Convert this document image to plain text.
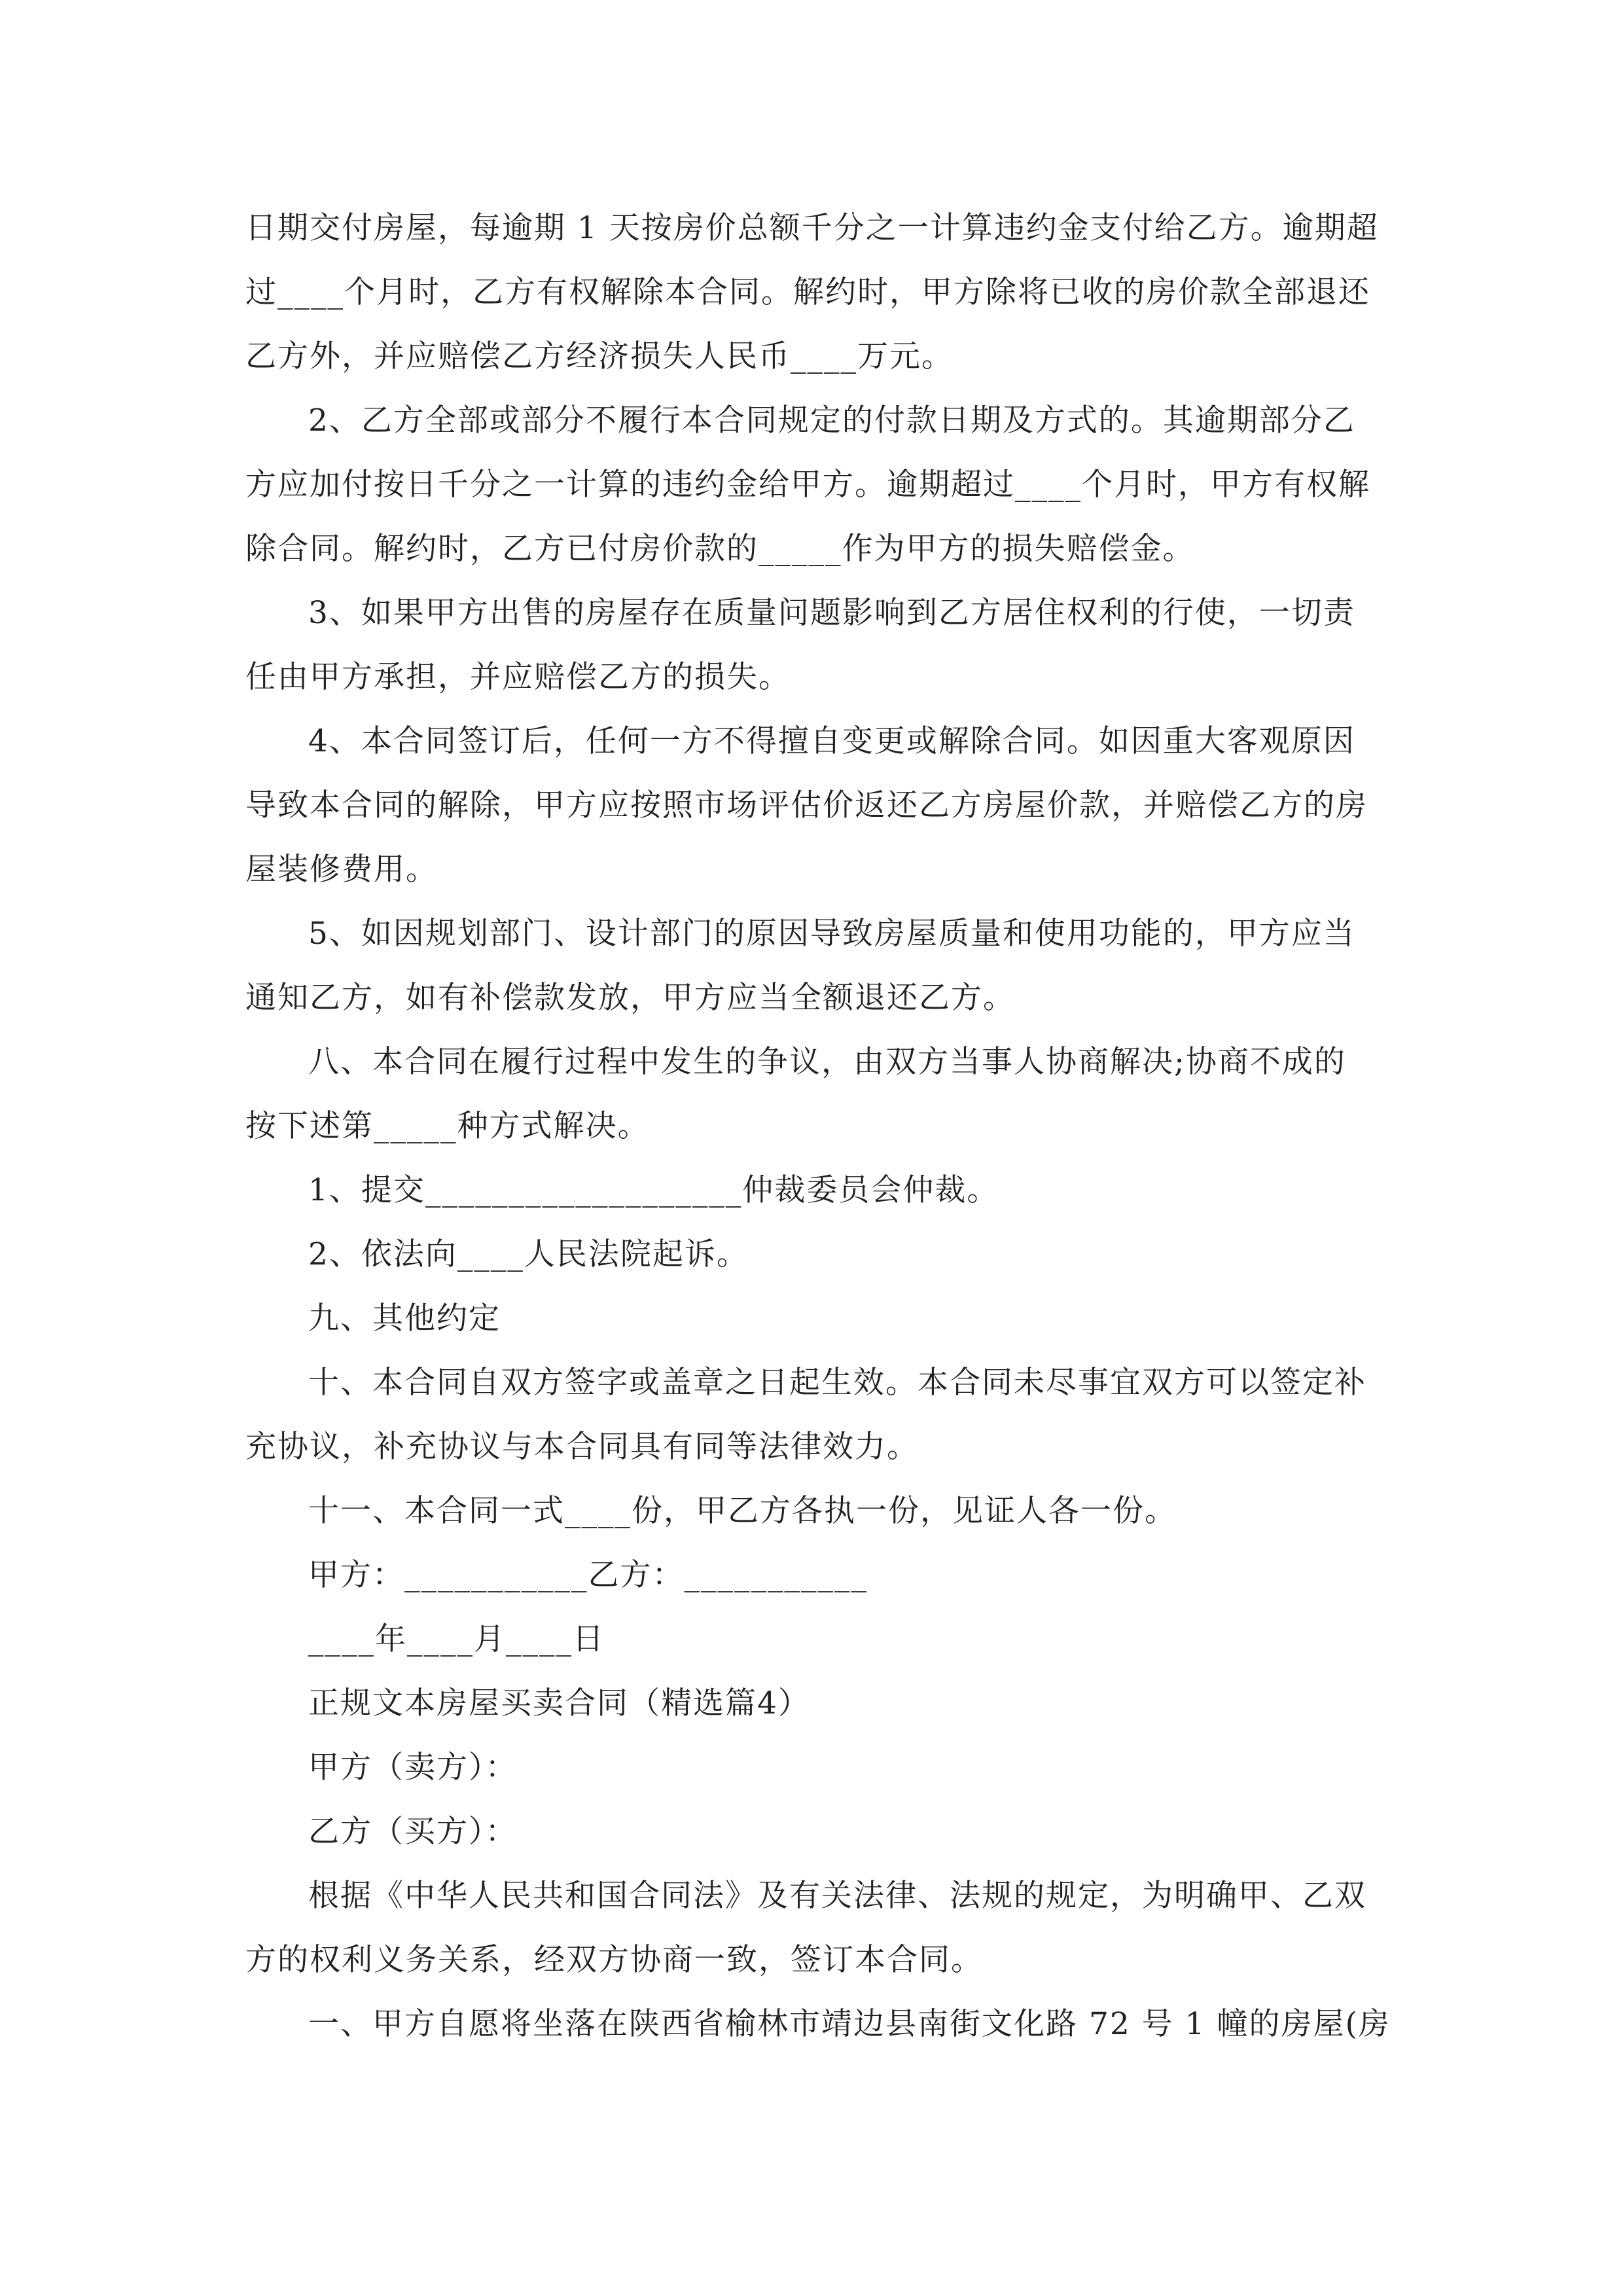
日期交付房屋，每逾期 1 天按房价总额千分之一计算违约金支付给乙方。逾期超
过____个月时，乙方有权解除本合同。解约时，甲方除将已收的房价款全部退还
乙方外，并应赔偿乙方经济损失人民币____万元。

2、乙方全部或部分不履行本合同规定的付款日期及方式的。其逾期部分乙
方应加付按日千分之一计算的违约金给甲方。逾期超过____个月时，甲方有权解
除合同。解约时，乙方已付房价款的_____作为甲方的损失赔偿金。

3、如果甲方出售的房屋存在质量问题影响到乙方居住权利的行使，一切责
任由甲方承担，并应赔偿乙方的损失。

4、本合同签订后，任何一方不得擅自变更或解除合同。如因重大客观原因
导致本合同的解除，甲方应按照市场评估价返还乙方房屋价款，并赔偿乙方的房
屋装修费用。

5、如因规划部门、设计部门的原因导致房屋质量和使用功能的，甲方应当
通知乙方，如有补偿款发放，甲方应当全额退还乙方。

八、本合同在履行过程中发生的争议，由双方当事人协商解决;协商不成的
按下述第_____种方式解决。

1、提交___________________仲裁委员会仲裁。

2、依法向____人民法院起诉。

九、其他约定

十、本合同自双方签字或盖章之日起生效。本合同未尽事宜双方可以签定补
充协议，补充协议与本合同具有同等法律效力。

十一、本合同一式____份，甲乙方各执一份，见证人各一份。

甲方：___________乙方：___________

____年____月____日

正规文本房屋买卖合同（精选篇4）

甲方（卖方）：

乙方（买方）：

根据《中华人民共和国合同法》及有关法律、法规的规定，为明确甲、乙双
方的权利义务关系，经双方协商一致，签订本合同。

一、甲方自愿将坐落在陕西省榆林市靖边县南街文化路 72 号 1 幢的房屋(房
